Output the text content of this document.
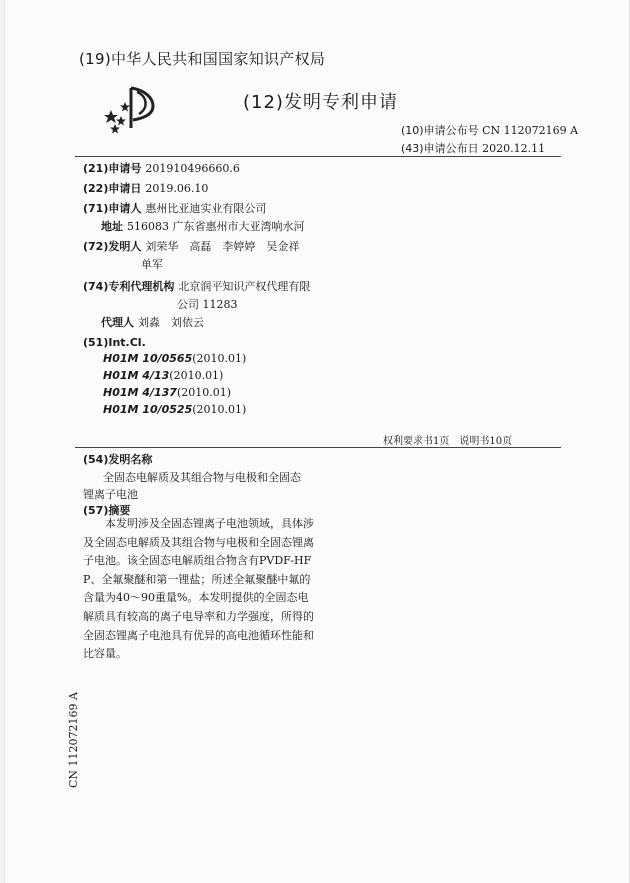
(19)中华人民共和国国家知识产权局
(12)发明专利申请
(10)申请公布号 CN 112072169 A
(43)申请公布日 2020.12.11
(21)申请号 201910496660.6
(22)申请日 2019.06.10
(71)申请人 惠州比亚迪实业有限公司
地址 516083 广东省惠州市大亚湾响水河
(72)发明人 刘荣华　高磊　李婷婷　吴金祥
单军
(74)专利代理机构 北京润平知识产权代理有限
公司 11283
代理人 刘淼　刘依云
(51)Int.Cl.
H01M 10/0565(2010.01)
H01M 4/13(2010.01)
H01M 4/137(2010.01)
H01M 10/0525(2010.01)
权利要求书1页　说明书10页
(54)发明名称
全固态电解质及其组合物与电极和全固态
锂离子电池
(57)摘要
　　本发明涉及全固态锂离子电池领域，具体涉及全固态电解质及其组合物与电极和全固态锂离子电池。该全固态电解质组合物含有PVDF-HFP、全氟聚醚和第一锂盐；所述全氟聚醚中氟的含量为40～90重量%。本发明提供的全固态电解质具有较高的离子电导率和力学强度，所得的全固态锂离子电池具有优异的高电池循环性能和比容量。
CN 112072169 A
